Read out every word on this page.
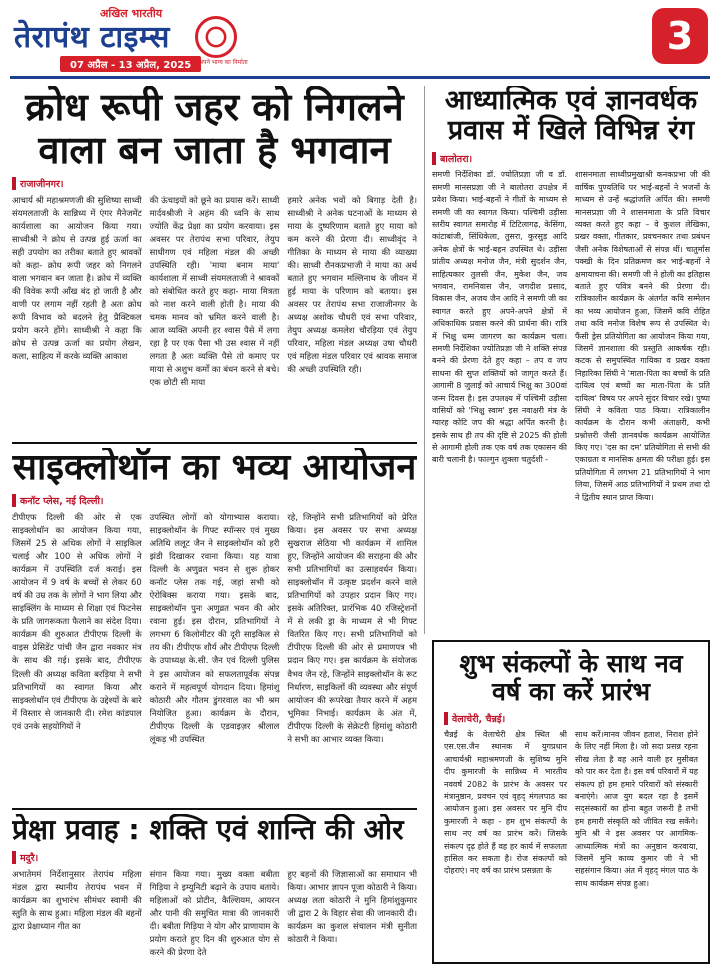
अखिल भारतीय
तेरापंथ टाइम्स
07 अप्रैल - 13 अप्रैल, 2025
मैं हूँ अपने भाग्य का निर्माता
3
क्रोध रूपी जहर को निगलने वाला बन जाता है भगवान
राजाजीनगर।

आचार्य श्री महाश्रमणजी की सुशिष्या साध्वी संयमलताजी के सान्निध्य में एंगर मैनेजमेंट कार्यशाला का आयोजन किया गया। साध्वीश्री ने क्रोध से उत्पन्न हुई ऊर्जा का सही उपयोग का तरीका बताते हुए श्रावकों को कहा- क्रोध रूपी जहर को निगलने वाला भगवान बन जाता है। क्रोध में व्यक्ति की विवेक रूपी आँख बंद हो जाती है और वाणी पर लगाम नहीं रहती है अतः क्रोध रूपी विभाव को बदलने हेतु प्रैक्टिकल प्रयोग करने होंगे। साध्वीश्री ने कहा कि क्रोध से उत्पन्न ऊर्जा का प्रयोग लेखन, कला, साहित्य में करके व्यक्ति आकाश

की ऊंचाइयों को छूने का प्रयास करें। साध्वी मार्दवश्रीजी ने अहंम की ध्वनि के साथ ज्योति केंद्र प्रेक्षा का प्रयोग करवाया। इस अवसर पर तेरापंथ सभा परिवार, तेयुप साधीगण एवं महिला मंडल की अच्छी उपस्थिति रही। 'माया बनाम माया' कार्यशाला में साध्वी संयमलताजी ने श्रावकों को संबोधित करते हुए कहा- माया मित्रता को नाश करने वाली होती है। माया की चमक मानव को भ्रमित करने वाली है। आज व्यक्ति अपनी हर श्वास पैसे में लगा रहा है पर एक पैसा भी उस श्वास में नहीं लगता है अतः व्यक्ति पैसे तो कमाए पर माया से अशुभ कर्मों का बंधन करने से बचे। एक छोटी सी माया

हमारे अनेक भवों को बिगाड़ देती है। साध्वीश्री ने अनेक घटनाओं के माध्यम से माया के दुष्परिणाम बताते हुए माया को कम करने की प्रेरणा दी। साध्वीवृंद ने गीतिका के माध्यम से माया की व्याख्या की। साध्वी रौनकप्रभाजी ने माया का अर्थ बताते हुए भगवान मल्लिनाथ के जीवन में हुई माया के परिणाम को बताया। इस अवसर पर तेरापंथ सभा राजाजीनगर के अध्यक्ष अशोक चौधरी एवं सभा परिवार, तेयुप अध्यक्ष कमलेश चौरड़िया एवं तेयुप परिवार, महिला मंडल अध्यक्ष उषा चौधरी एवं महिला मंडल परिवार एवं श्रावक समाज की अच्छी उपस्थिति रही।

आध्यात्मिक एवं ज्ञानवर्धक प्रवास में खिले विभिन्न रंग
बालोतरा।

समणी निर्देशिका डॉ. ज्योतिप्रज्ञा जी व डॉ. समणी मानसप्रज्ञा जी ने बालोतरा उपक्षेत्र में प्रवेश किया। भाई-बहनों ने गीतों के माध्यम से समणी जी का स्वागत किया। पश्चिमी उड़ीसा स्तरीय स्वागत समारोह में टिटिलागढ़, केसिंगा, कांटाबांजी, सिंधिकेला, तुसरा, कुरसुड़ आदि अनेक क्षेत्रों के भाई-बहन उपस्थित थे। उड़ीसा प्रांतीय अध्यक्ष मनोज जैन, मंत्री सुदर्शन जैन, साहित्यकार तुलसी जैन, मुकेश जैन, जय भगवान, रामनिवास जैन, जगदीश प्रसाद, विकास जैन, अजय जैन आदि ने समणी जी का स्वागत करते हुए अपने-अपने क्षेत्रों में अधिकाधिक प्रवास करने की प्रार्थना की। रात्रि में भिक्षु धम्म जागरण का कार्यक्रम चला। समणी निर्देशिका ज्योतिप्रज्ञा जी ने शक्ति संपन्न बनने की प्रेरणा देते हुए कहा – तप व जप साधना की सुप्त शक्तियों को जागृत करते हैं। आगामी 8 जुलाई को आचार्य भिक्षु का 300वां जन्म दिवस है। इस उपलक्ष्य में पश्चिमी उड़ीसा वासियों को 'भिक्षु स्वाम' इस नवाक्षरी मंत्र के ग्यारह कोटि जप की श्रद्धा अर्पित करनी है। इसके साथ ही तप की दृष्टि से 2025 की होली से आगामी होली तक एक वर्ष तक एकासन की बारी चलानी है। फाल्गुन शुक्ला चतुर्दशी -

शासनमाता साध्वीप्रमुखाश्री कनकप्रभा जी की वार्षिक पुण्यतिथि पर भाई-बहनों ने भजनों के माध्यम से उन्हें श्रद्धांजलि अर्पित की। समणी मानसप्रज्ञा जी ने शासनमाता के प्रति विचार व्यक्त करते हुए कहा – वे कुशल लेखिका, प्रखर वक्ता, गीतकार, प्रवचनकार तथा प्रबंधन जैसी अनेक विशेषताओं से संपन्न थीं। चातुर्मास पक्खी के दिन प्रतिक्रमण कर भाई-बहनों ने क्षमायाचना की। समणी जी ने होली का इतिहास बताते हुए पवित्र बनने की प्रेरणा दी। रात्रिकालीन कार्यक्रम के अंतर्गत कवि सम्मेलन का भव्य आयोजन हुआ, जिसमें कवि रोहित तथा कवि मनोज विशेष रूप से उपस्थित थे। फैंसी ड्रेस प्रतियोगिता का आयोजन किया गया, जिसमें ज्ञानशाला की प्रस्तुति आकर्षक रही। कटक से समुपस्थित गायिका व प्रखर वक्ता निहारिका सिंघी ने 'माता-पिता का बच्चों के प्रति दायित्व एवं बच्चों का माता-पिता के प्रति दायित्व' विषय पर अपने सुंदर विचार रखे। पुष्पा सिंघी ने कविता पाठ किया। रात्रिकालीन कार्यक्रम के दौरान कभी अंताक्षरी, कभी प्रश्नोत्तरी जैसी ज्ञानवर्धक कार्यक्रम आयोजित किए गए। 'दस का दम' प्रतियोगिता से सभी की एकाग्रता व मानसिक क्षमता की परीक्षा हुई। इस प्रतियोगिता में लगभग 21 प्रतिभागियों ने भाग लिया, जिसमें आठ प्रतिभागियों ने प्रथम तथा दो ने द्वितीय स्थान प्राप्त किया।

साइक्लोथॉन का भव्य आयोजन
कनॉट प्लेस, नई दिल्ली।

टीपीएफ दिल्ली की ओर से एक साइक्लोथॉन का आयोजन किया गया, जिसमें 25 से अधिक लोगों ने साइकिल चलाई और 100 से अधिक लोगों ने कार्यक्रम में उपस्थिति दर्ज कराई। इस आयोजन में 9 वर्ष के बच्चों से लेकर 60 वर्ष की उम्र तक के लोगों ने भाग लिया और साइक्लिंग के माध्यम से शिक्षा एवं फिटनेस के प्रति जागरूकता फैलाने का संदेश दिया। कार्यक्रम की शुरुआत टीपीएफ दिल्ली के वाइस प्रेसिडेंट पांची जैन द्वारा नवकार मंत्र के साथ की गई। इसके बाद, टीपीएफ दिल्ली की अध्यक्ष कविता बरड़िया ने सभी प्रतिभागियों का स्वागत किया और साइक्लोथॉन एवं टीपीएफ के उद्देश्यों के बारे में विस्तार से जानकारी दी। रमेश कांडपाल एवं उनके सहयोगियों ने

उपस्थित लोगों को योगाभ्यास कराया। साइक्लोथॉन के गिफ्ट स्पॉन्सर एवं मुख्य अतिथि ललूट जैन ने साइक्लोथॉन को हरी झंडी दिखाकर रवाना किया। यह यात्रा दिल्ली के अणुव्रत भवन से शुरू होकर कनॉट प्लेस तक गई, जहां सभी को ऐरोबिक्स कराया गया। इसके बाद, साइक्लोथॉन पुनः अणुव्रत भवन की ओर रवाना हुई। इस दौरान, प्रतिभागियों ने लगभग 6 किलोमीटर की दूरी साइकिल से तय की। टीपीएफ शौर्य और टीपीएफ दिल्ली के उपाध्यक्ष के.सी. जैन एवं दिल्ली पुलिस ने इस आयोजन को सफलतापूर्वक संपन्न कराने में महत्वपूर्ण योगदान दिया। हिमांशु कोठारी और गौतम डुंगरवाल का भी श्रम नियोजित हुआ। कार्यक्रम के दौरान, टीपीएफ दिल्ली के एडवाइज़र श्रीलाल लूंकड़ भी उपस्थित

रहे, जिन्होंने सभी प्रतिभागियों को प्रेरित किया। इस अवसर पर सभा अध्यक्ष सुखराज सेठिया भी कार्यक्रम में शामिल हुए, जिन्होंने आयोजन की सराहना की और सभी प्रतिभागियों का उत्साहवर्धन किया। साइक्लोथॉन में उत्कृष्ट प्रदर्शन करने वाले प्रतिभागियों को उपहार प्रदान किए गए। इसके अतिरिक्त, प्रारंभिक 40 रजिस्ट्रेशनों में से लकी ड्रा के माध्यम से भी गिफ्ट वितरित किए गए। सभी प्रतिभागियों को टीपीएफ दिल्ली की ओर से प्रमाणपत्र भी प्रदान किए गए। इस कार्यक्रम के संयोजक वैभव जैन रहे, जिन्होंने साइक्लोथॉन के रूट निर्धारण, साइकिलों की व्यवस्था और संपूर्ण आयोजन की रूपरेखा तैयार करने में अहम भूमिका निभाई। कार्यक्रम के अंत में, टीपीएफ दिल्ली के सेक्रेटरी हिमांशु कोठारी ने सभी का आभार व्यक्त किया।

शुभ संकल्पों के साथ नव वर्ष का करें प्रारंभ
वेलाचेरी, चैन्नई।

चैन्नई के वेलाचेरी क्षेत्र स्थित श्री एस.एस.जैन स्थानक में युगप्रधान आचार्यश्री महाश्रमणजी के सुशिष्य मुनि दीप कुमारजी के सान्निध्य में भारतीय नववर्ष 2082 के प्रारंभ के अवसर पर मंत्रानुष्ठान, प्रवचन एवं वृहद् मंगलपाठ का आयोजन हुआ। इस अवसर पर मुनि दीप कुमारजी ने कहा - हम शुभ संकल्पों के साथ नए वर्ष का प्रारंभ करें। जिसके संकल्प दृढ़ होते हैं वह हर कार्य में सफलता हासिल कर सकता है। रोज संकल्पों को दोहराएं। नए वर्ष का प्रारंभ प्रसन्नता के

साथ करें।मानव जीवन हताश, निराश होने के लिए नहीं मिला है। जो सदा प्रसन्न रहना सीख लेता है वह आने वाली हर मुसीबत को पार कर देता है। इस वर्ष परिवारों में यह संकल्प हो हम हमारे परिवारों को संस्कारी बनाएंगे। आज युग बदल रहा है इसमें सद्संस्कारों का होना बहुत जरूरी है तभी हम हमारी संस्कृति को जीवित रख सकेंगे। मुनि श्री ने इस अवसर पर आगमिक-आध्यात्मिक मंत्रों का अनुष्ठान करवाया, जिसमें मुनि काव्य कुमार जी ने भी सहसंगान किया। अंत में वृहद् मंगल पाठ के साथ कार्यक्रम संपन्न हुआ।

प्रेक्षा प्रवाह : शक्ति एवं शान्ति की ओर
मदुरै।

अभातेममं निर्देशानुसार तेरापंथ महिला मंडल द्वारा स्थानीय तेरापंथ भवन में कार्यक्रम का शुभारंभ सीमंधर स्वामी की स्तुति के साथ हुआ। महिला मंडल की बहनों द्वारा प्रेक्षाध्यान गीत का

संगान किया गया। मुख्य वक्ता बबीता गिड़िया ने इम्युनिटी बढ़ाने के उपाय बताये। महिलाओं को प्रोटीन, कैल्शियम, आयरन और पानी की समुचित मात्रा की जानकारी दी। बबीता गिड़िया ने योग और प्राणायाम के प्रयोग कराते हुए दिन की शुरुआत योग से करने की प्रेरणा देते

हुए बहनों की जिज्ञासाओं का समाधान भी किया। आभार ज्ञापन पूजा कोठारी ने किया। अध्यक्ष लता कोठारी ने मुनि हिमांशुकुमार जी द्वारा 2 के विहार सेवा की जानकारी दी। कार्यक्रम का कुशल संचालन मंत्री सुनीता कोठारी ने किया।
